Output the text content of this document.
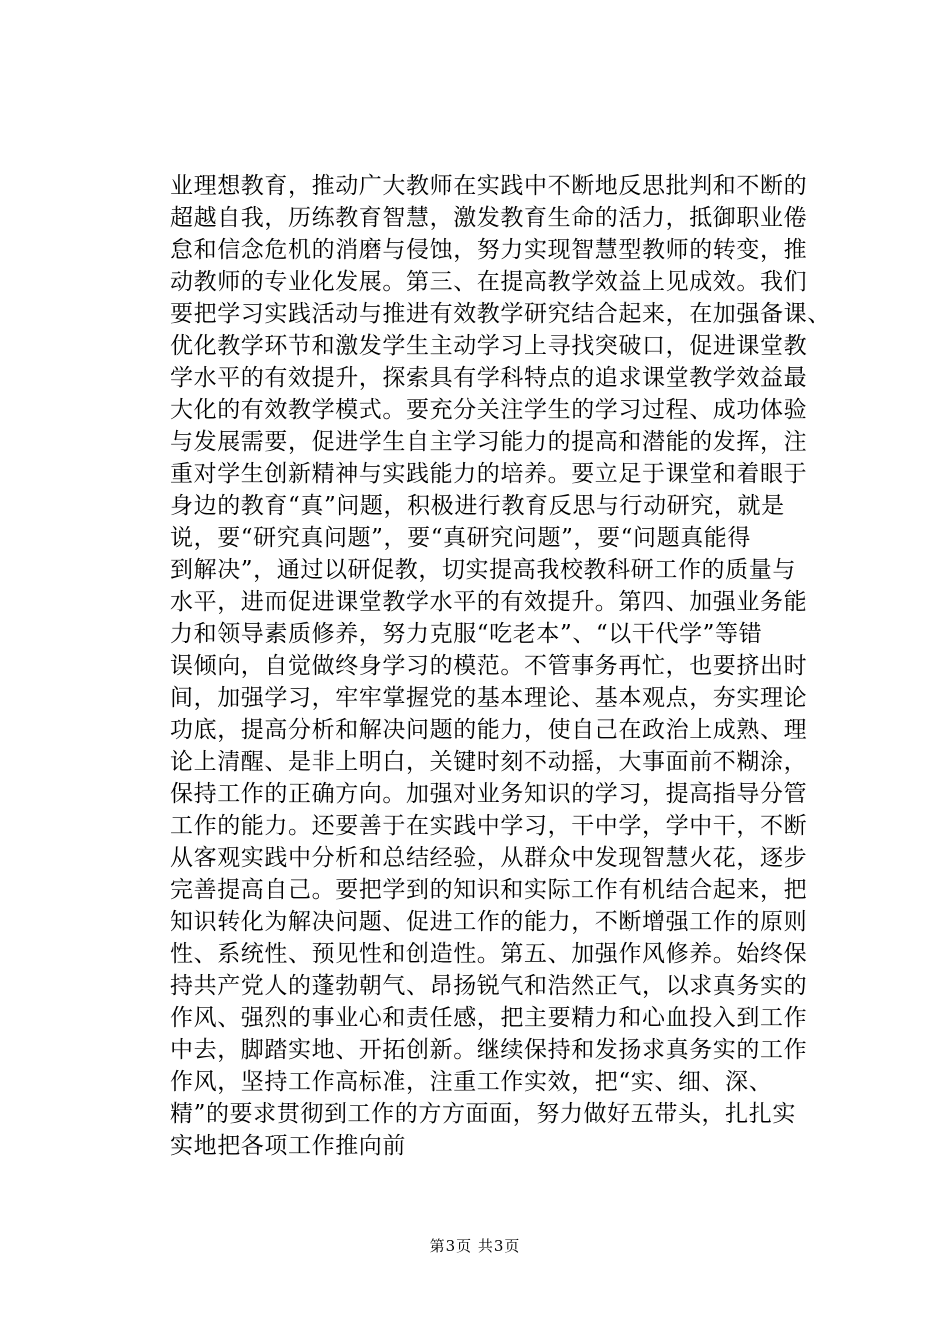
业理想教育，推动广大教师在实践中不断地反思批判和不断的
超越自我，历练教育智慧，激发教育生命的活力，抵御职业倦
怠和信念危机的消磨与侵蚀，努力实现智慧型教师的转变，推
动教师的专业化发展。第三、在提高教学效益上见成效。我们
要把学习实践活动与推进有效教学研究结合起来，在加强备课、
优化教学环节和激发学生主动学习上寻找突破口，促进课堂教
学水平的有效提升，探索具有学科特点的追求课堂教学效益最
大化的有效教学模式。要充分关注学生的学习过程、成功体验
与发展需要，促进学生自主学习能力的提高和潜能的发挥，注
重对学生创新精神与实践能力的培养。要立足于课堂和着眼于
身边的教育“真”问题，积极进行教育反思与行动研究，就是
说，要“研究真问题”，要“真研究问题”，要“问题真能得
到解决”，通过以研促教，切实提高我校教科研工作的质量与
水平，进而促进课堂教学水平的有效提升。第四、加强业务能
力和领导素质修养，努力克服“吃老本”、“以干代学”等错
误倾向，自觉做终身学习的模范。不管事务再忙，也要挤出时
间，加强学习，牢牢掌握党的基本理论、基本观点，夯实理论
功底，提高分析和解决问题的能力，使自己在政治上成熟、理
论上清醒、是非上明白，关键时刻不动摇，大事面前不糊涂，
保持工作的正确方向。加强对业务知识的学习，提高指导分管
工作的能力。还要善于在实践中学习，干中学，学中干，不断
从客观实践中分析和总结经验，从群众中发现智慧火花，逐步
完善提高自己。要把学到的知识和实际工作有机结合起来，把
知识转化为解决问题、促进工作的能力，不断增强工作的原则
性、系统性、预见性和创造性。第五、加强作风修养。始终保
持共产党人的蓬勃朝气、昂扬锐气和浩然正气，以求真务实的
作风、强烈的事业心和责任感，把主要精力和心血投入到工作
中去，脚踏实地、开拓创新。继续保持和发扬求真务实的工作
作风，坚持工作高标准，注重工作实效，把“实、细、深、
精”的要求贯彻到工作的方方面面，努力做好五带头，扎扎实
实地把各项工作推向前
第3页 共3页
